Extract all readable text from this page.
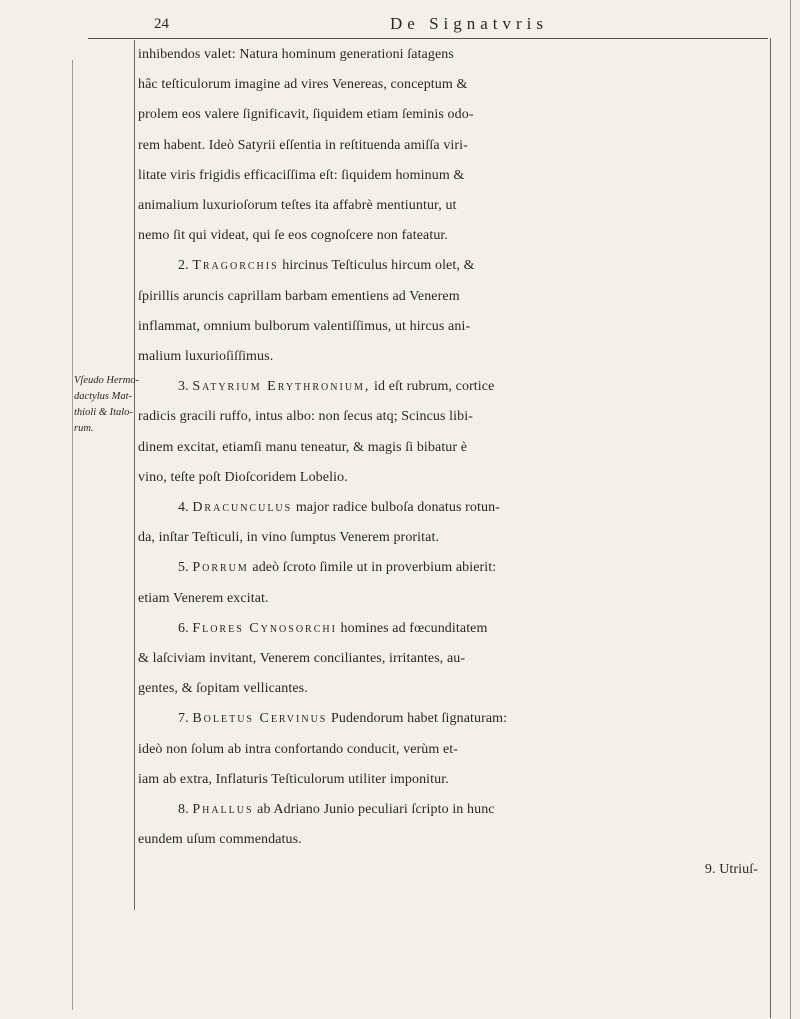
24	De Signatvris
Vſeudo Hermo-
dactylus Mat-
thioli & Italo-
rum.
inhibendos valet: Natura hominum generationi ſatagens
hâc teſticulorum imagine ad vires Venereas, conceptum &
prolem eos valere ſignificavit, ſiquidem etiam ſeminis odo-
rem habent. Ideò Satyrii eſſentia in reſtituenda amiſſa viri-
litate viris frigidis efficaciſſima eſt: ſiquidem hominum &
animalium luxurioſorum teſtes ita affabrè mentiuntur, ut
nemo ſit qui videat, qui ſe eos cognoſcere non fateatur.
2. Tragorchis hircinus Teſticulus hircum olet, &
ſpirillis aruncis caprillam barbam ementiens ad Venerem
inflammat, omnium bulborum valentiſſimus, ut hircus ani-
malium luxurioſiſſimus.
3. Satyrium Erythronium, id eſt rubrum, cortice
radicis gracili ruffo, intus albo: non ſecus atq; Scincus libi-
dinem excitat, etiamſi manu teneatur, & magis ſi bibatur è
vino, teſte poſt Dioſcoridem Lobelio.
4. Dracunculus major radice bulboſa donatus rotun-
da, inſtar Teſticuli, in vino ſumptus Venerem proritat.
5. Porrum adeò ſcroto ſimile ut in proverbium abierit:
etiam Venerem excitat.
6. Flores Cynosorchi homines ad fœcunditatem
& laſciviam invitant, Venerem conciliantes, irritantes, au-
gentes, & ſopitam vellicantes.
7. Boletus Cervinus Pudendorum habet ſignaturam:
ideò non ſolum ab intra confortando conducit, verùm et-
iam ab extra, Inflaturis Teſticulorum utiliter imponitur.
8. Phallus ab Adriano Junio peculiari ſcripto in hunc
eundem uſum commendatus.
9. Utriuſ-
